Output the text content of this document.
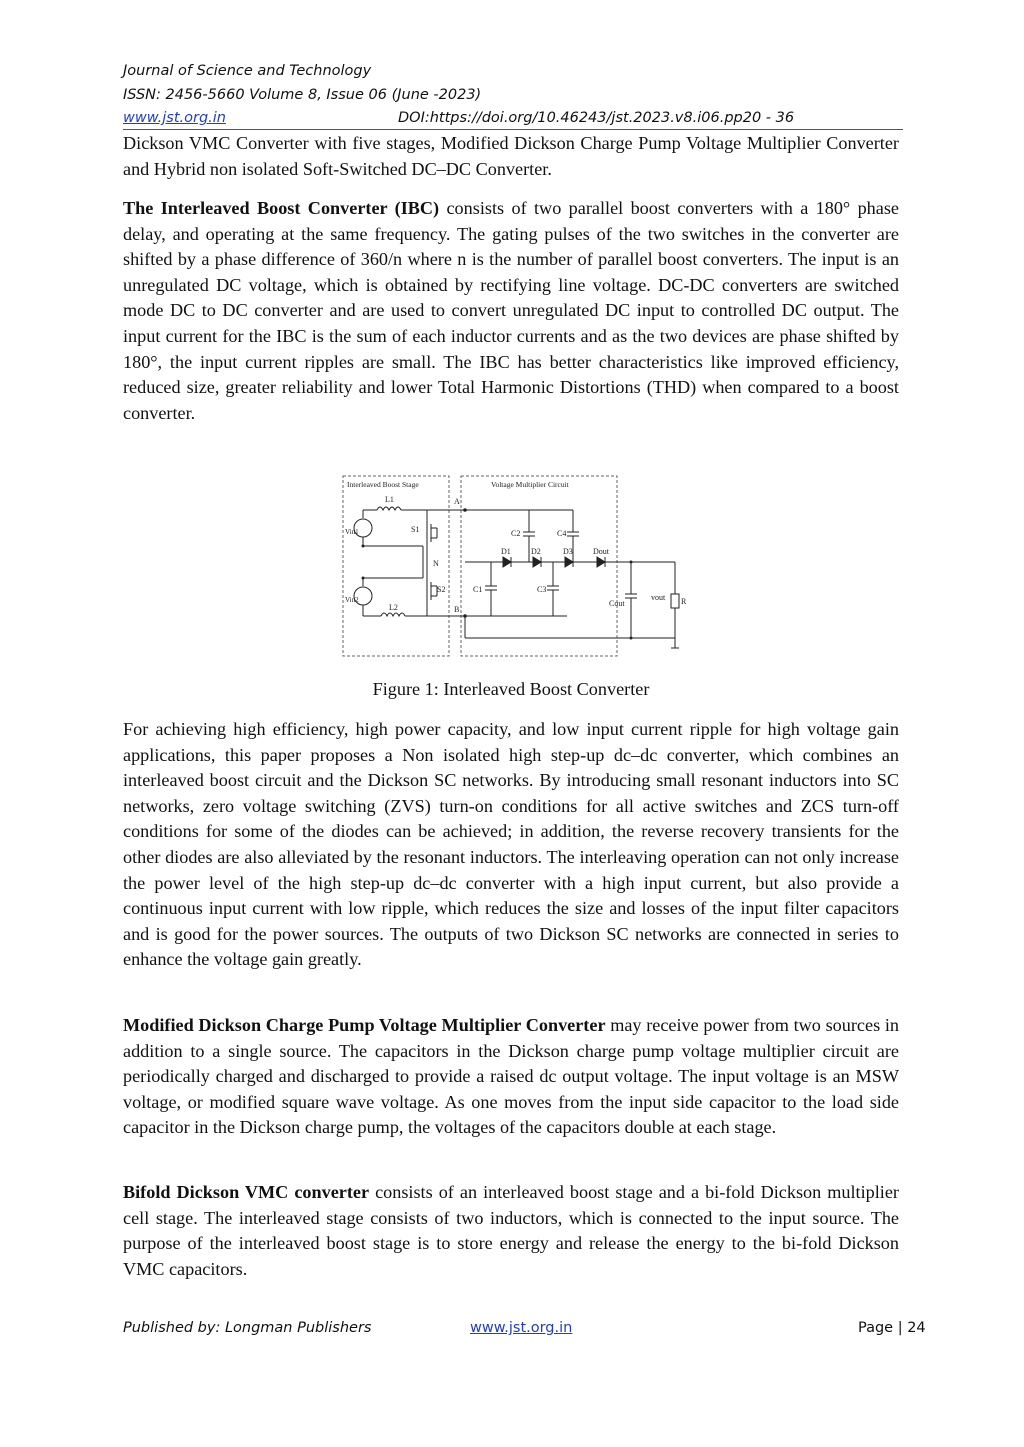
Journal of Science and Technology
ISSN: 2456-5660 Volume 8, Issue 06 (June -2023)
www.jst.org.in	DOI:https://doi.org/10.46243/jst.2023.v8.i06.pp20 - 36
Dickson VMC Converter with five stages, Modified Dickson Charge Pump Voltage Multiplier Converter and Hybrid non isolated Soft-Switched DC–DC Converter.
The Interleaved Boost Converter (IBC) consists of two parallel boost converters with a 180° phase delay, and operating at the same frequency. The gating pulses of the two switches in the converter are shifted by a phase difference of 360/n where n is the number of parallel boost converters. The input is an unregulated DC voltage, which is obtained by rectifying line voltage. DC-DC converters are switched mode DC to DC converter and are used to convert unregulated DC input to controlled DC output. The input current for the IBC is the sum of each inductor currents and as the two devices are phase shifted by 180°, the input current ripples are small. The IBC has better characteristics like improved efficiency, reduced size, greater reliability and lower Total Harmonic Distortions (THD) when compared to a boost converter.
Interleaved Boost Stage	Voltage Multiplier Circuit
Vin1
Vin2
L1
L2
S1
S2
N
A
B
C2	C4
C1	C3
D1	D2	D3	Dout
Cout
vout R
Figure 1: Interleaved Boost Converter
For achieving high efficiency, high power capacity, and low input current ripple for high voltage gain applications, this paper proposes a Non isolated high step-up dc–dc converter, which combines an interleaved boost circuit and the Dickson SC networks. By introducing small resonant inductors into SC networks, zero voltage switching (ZVS) turn-on conditions for all active switches and ZCS turn-off conditions for some of the diodes can be achieved; in addition, the reverse recovery transients for the other diodes are also alleviated by the resonant inductors. The interleaving operation can not only increase the power level of the high step-up dc–dc converter with a high input current, but also provide a continuous input current with low ripple, which reduces the size and losses of the input filter capacitors and is good for the power sources. The outputs of two Dickson SC networks are connected in series to enhance the voltage gain greatly.
Modified Dickson Charge Pump Voltage Multiplier Converter may receive power from two sources in addition to a single source. The capacitors in the Dickson charge pump voltage multiplier circuit are periodically charged and discharged to provide a raised dc output voltage. The input voltage is an MSW voltage, or modified square wave voltage. As one moves from the input side capacitor to the load side capacitor in the Dickson charge pump, the voltages of the capacitors double at each stage.
Bifold Dickson VMC converter consists of an interleaved boost stage and a bi-fold Dickson multiplier cell stage. The interleaved stage consists of two inductors, which is connected to the input source. The purpose of the interleaved boost stage is to store energy and release the energy to the bi-fold Dickson VMC capacitors.
Published by: Longman Publishers	www.jst.org.in	Page | 24
